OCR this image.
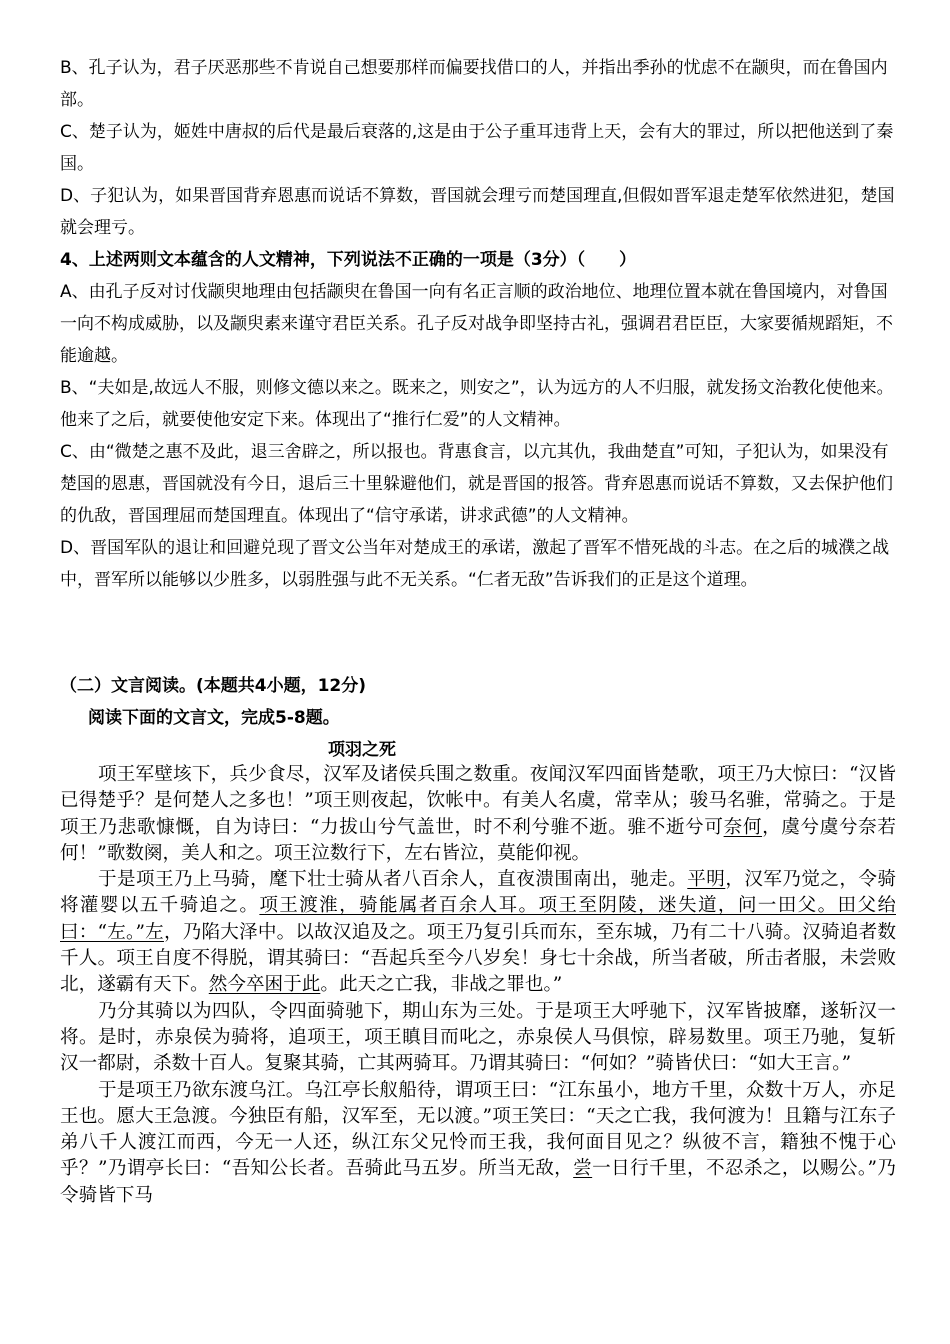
B、孔子认为，君子厌恶那些不肯说自己想要那样而偏要找借口的人，并指出季孙的忧虑不在颛臾，而在鲁国内部。

C、楚子认为，姬姓中唐叔的后代是最后衰落的,这是由于公子重耳违背上天，会有大的罪过，所以把他送到了秦国。

D、子犯认为，如果晋国背弃恩惠而说话不算数，晋国就会理亏而楚国理直,但假如晋军退走楚军依然进犯，楚国就会理亏。

4、上述两则文本蕴含的人文精神，下列说法不正确的一项是（3分）（　　）

A、由孔子反对讨伐颛臾地理由包括颛臾在鲁国一向有名正言顺的政治地位、地理位置本就在鲁国境内，对鲁国一向不构成威胁，以及颛臾素来谨守君臣关系。孔子反对战争即坚持古礼，强调君君臣臣，大家要循规蹈矩，不能逾越。

B、“夫如是,故远人不服，则修文德以来之。既来之，则安之”，认为远方的人不归服，就发扬文治教化使他来。他来了之后，就要使他安定下来。体现出了“推行仁爱”的人文精神。

C、由“微楚之惠不及此，退三舍辟之，所以报也。背惠食言，以亢其仇，我曲楚直”可知，子犯认为，如果没有楚国的恩惠，晋国就没有今日，退后三十里躲避他们，就是晋国的报答。背弃恩惠而说话不算数，又去保护他们的仇敌，晋国理屈而楚国理直。体现出了“信守承诺，讲求武德”的人文精神。

D、晋国军队的退让和回避兑现了晋文公当年对楚成王的承诺，激起了晋军不惜死战的斗志。在之后的城濮之战中，晋军所以能够以少胜多，以弱胜强与此不无关系。“仁者无敌”告诉我们的正是这个道理。

（二）文言阅读。(本题共4小题，12分)

阅读下面的文言文，完成5-8题。

项羽之死

项王军壁垓下，兵少食尽，汉军及诸侯兵围之数重。夜闻汉军四面皆楚歌，项王乃大惊曰：“汉皆已得楚乎？是何楚人之多也！”项王则夜起，饮帐中。有美人名虞，常幸从；骏马名骓，常骑之。于是项王乃悲歌慷慨，自为诗曰：“力拔山兮气盖世，时不利兮骓不逝。骓不逝兮可奈何，虞兮虞兮奈若何！”歌数阕，美人和之。项王泣数行下，左右皆泣，莫能仰视。

于是项王乃上马骑，麾下壮士骑从者八百余人，直夜溃围南出，驰走。平明，汉军乃觉之，令骑将灌婴以五千骑追之。项王渡淮，骑能属者百余人耳。项王至阴陵，迷失道，问一田父。田父绐曰：“左。”左，乃陷大泽中。以故汉追及之。项王乃复引兵而东，至东城，乃有二十八骑。汉骑追者数千人。项王自度不得脱，谓其骑曰：“吾起兵至今八岁矣！身七十余战，所当者破，所击者服，未尝败北，遂霸有天下。然今卒困于此。此天之亡我，非战之罪也。”

乃分其骑以为四队，令四面骑驰下，期山东为三处。于是项王大呼驰下，汉军皆披靡，遂斩汉一将。是时，赤泉侯为骑将，追项王，项王瞋目而叱之，赤泉侯人马俱惊，辟易数里。项王乃驰，复斩汉一都尉，杀数十百人。复聚其骑，亡其两骑耳。乃谓其骑曰：“何如？”骑皆伏曰：“如大王言。”

于是项王乃欲东渡乌江。乌江亭长舣船待，谓项王曰：“江东虽小，地方千里，众数十万人，亦足王也。愿大王急渡。今独臣有船，汉军至，无以渡。”项王笑曰：“天之亡我，我何渡为！且籍与江东子弟八千人渡江而西，今无一人还，纵江东父兄怜而王我，我何面目见之？纵彼不言，籍独不愧于心乎？”乃谓亭长曰：“吾知公长者。吾骑此马五岁。所当无敌，尝一日行千里，不忍杀之，以赐公。”乃令骑皆下马
